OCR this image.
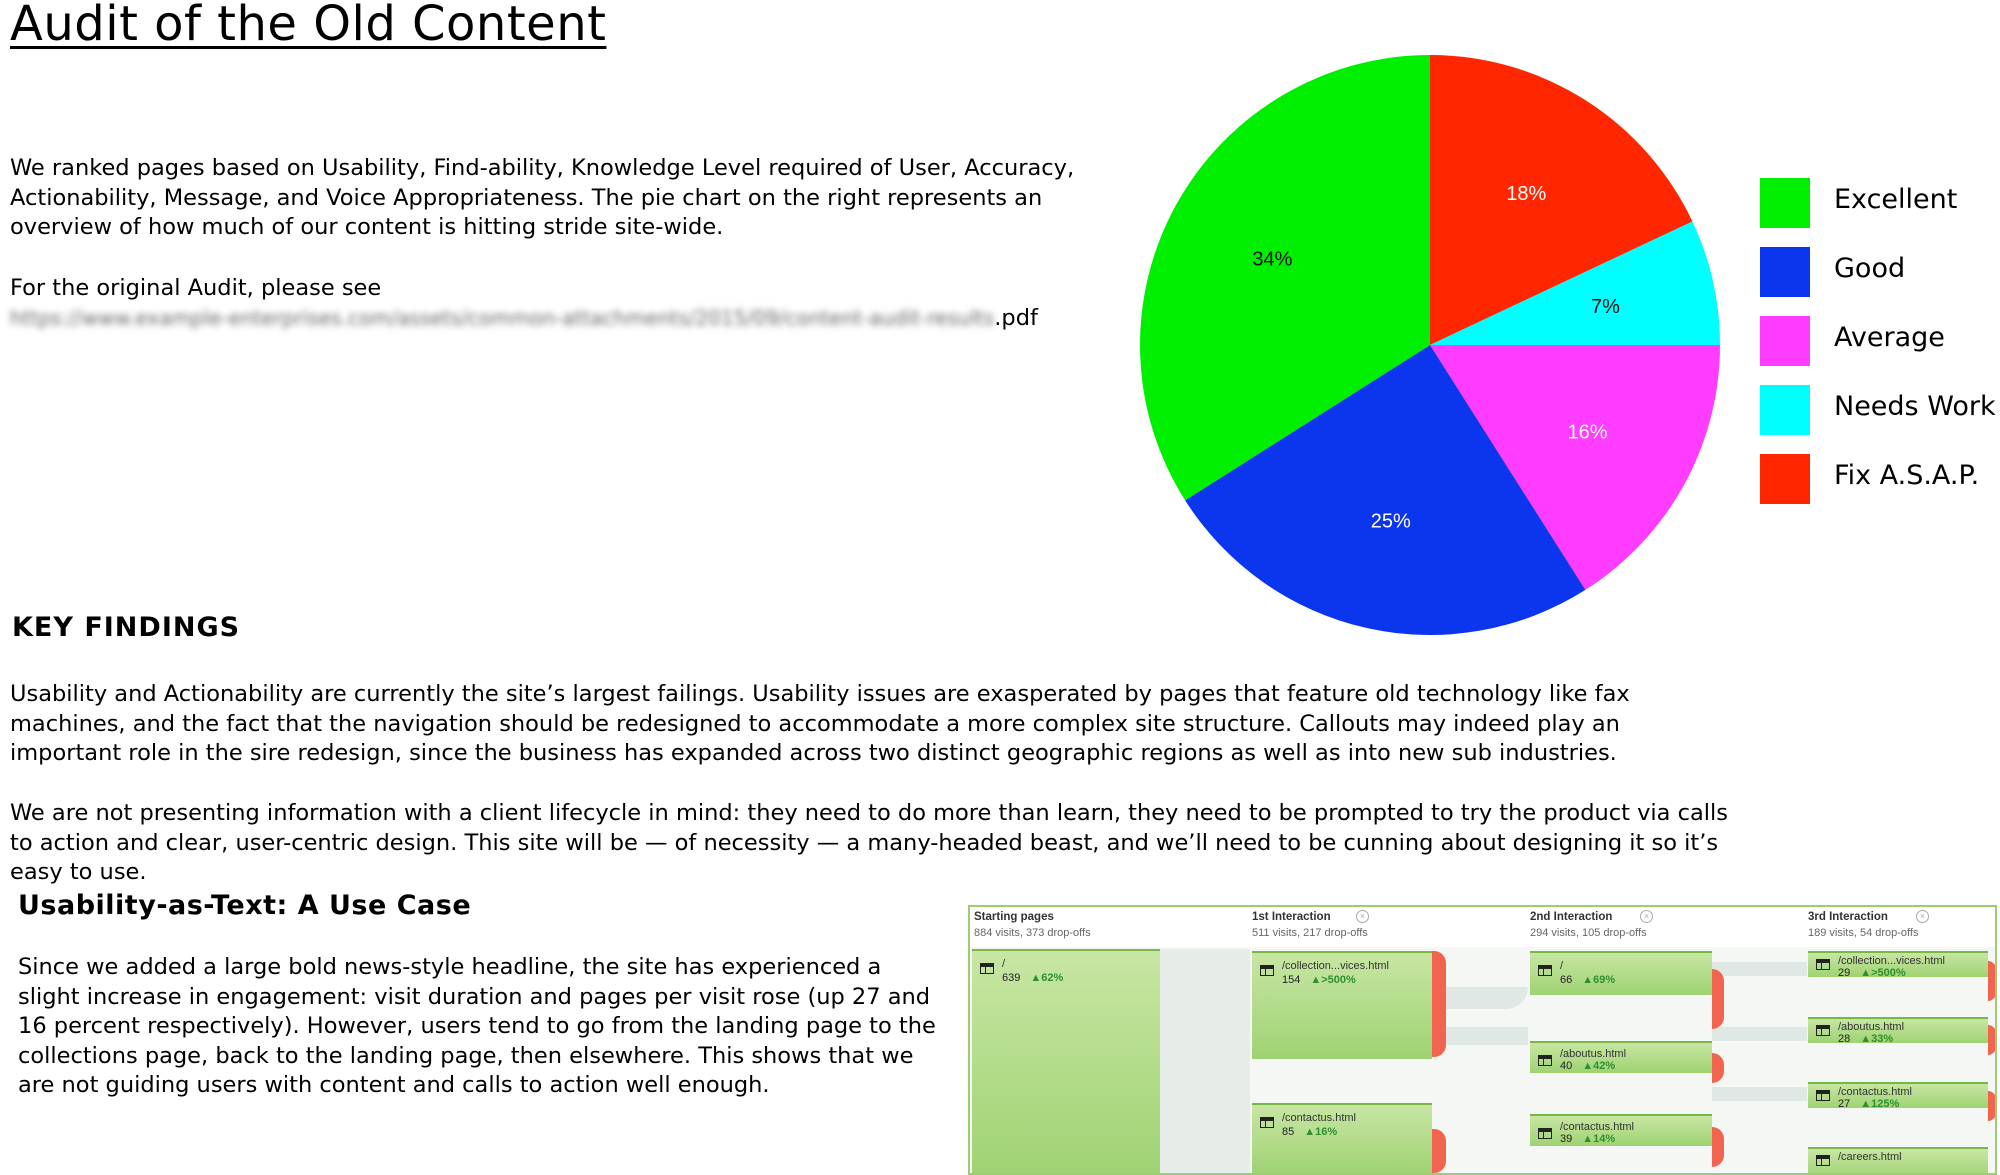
Audit of the Old Content
We ranked pages based on Usability, Find-ability, Knowledge Level required of User, Accuracy, Actionability, Message, and Voice Appropriateness. The pie chart on the right represents an overview of how much of our content is hitting stride site-wide.
For the original Audit, please see
https://www.example-enterprises.com/assets/common-attachments/2015/09/content-audit-results.pdf
18%
7%
16%
25%
34%
Excellent
Good
Average
Needs Work
Fix A.S.A.P.
KEY FINDINGS
Usability and Actionability are currently the site’s largest failings. Usability issues are exasperated by pages that feature old technology like fax machines, and the fact that the navigation should be redesigned to accommodate a more complex site structure. Callouts may indeed play an important role in the sire redesign, since the business has expanded across two distinct geographic regions as well as into new sub industries.
We are not presenting information with a client lifecycle in mind: they need to do more than learn, they need to be prompted to try the product via calls to action and clear, user-centric design. This site will be — of necessity — a many-headed beast, and we’ll need to be cunning about designing it so it’s easy to use.
Usability-as-Text: A Use Case
Since we added a large bold news-style headline, the site has experienced a slight increase in engagement: visit duration and pages per visit rose (up 27 and 16 percent respectively). However, users tend to go from the landing page to the collections page, back to the landing page, then elsewhere. This shows that we are not guiding users with content and calls to action well enough.
Starting pages
884 visits, 373 drop-offs
1st Interaction	×
511 visits, 217 drop-offs
2nd Interaction	×
294 visits, 105 drop-offs
3rd Interaction	×
189 visits, 54 drop-offs
/
639 ▲62%
/collection...vices.html
154 ▲>500%
/contactus.html
85 ▲16%
/
66 ▲69%
/aboutus.html
40 ▲42%
/contactus.html
39 ▲14%
/collection...vices.html
29 ▲>500%
/aboutus.html
28 ▲33%
/contactus.html
27 ▲125%
/careers.html
